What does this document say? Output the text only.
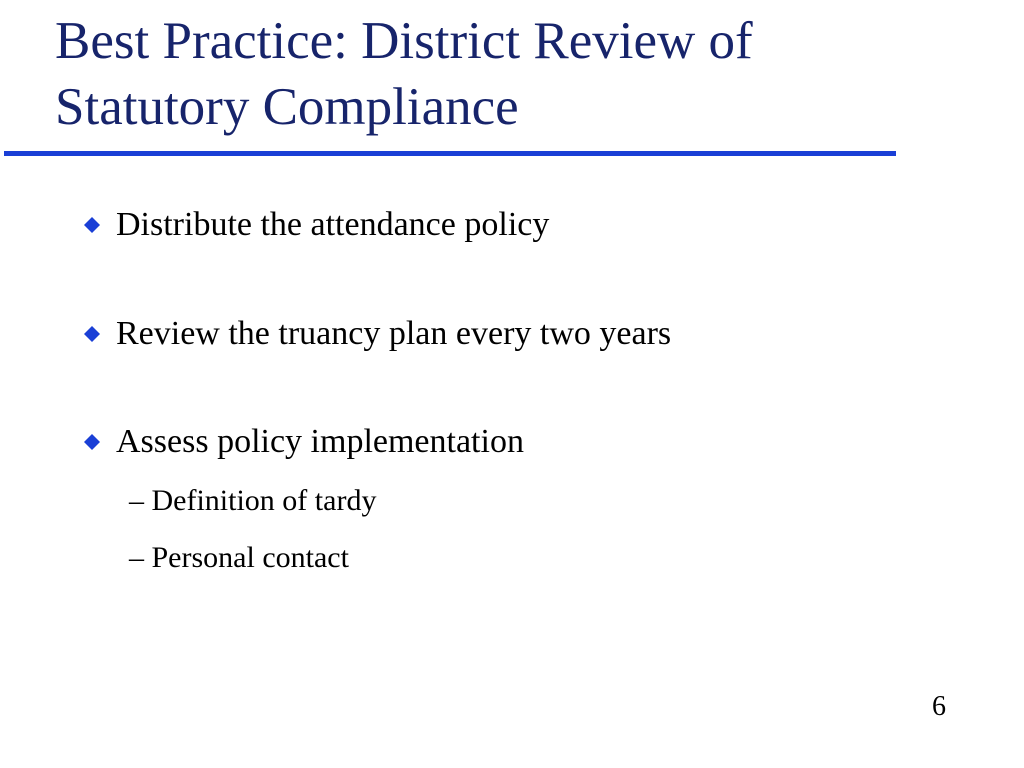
Best Practice: District Review of
Statutory Compliance
Distribute the attendance policy
Review the truancy plan every two years
Assess policy implementation
– Definition of tardy
– Personal contact
6
